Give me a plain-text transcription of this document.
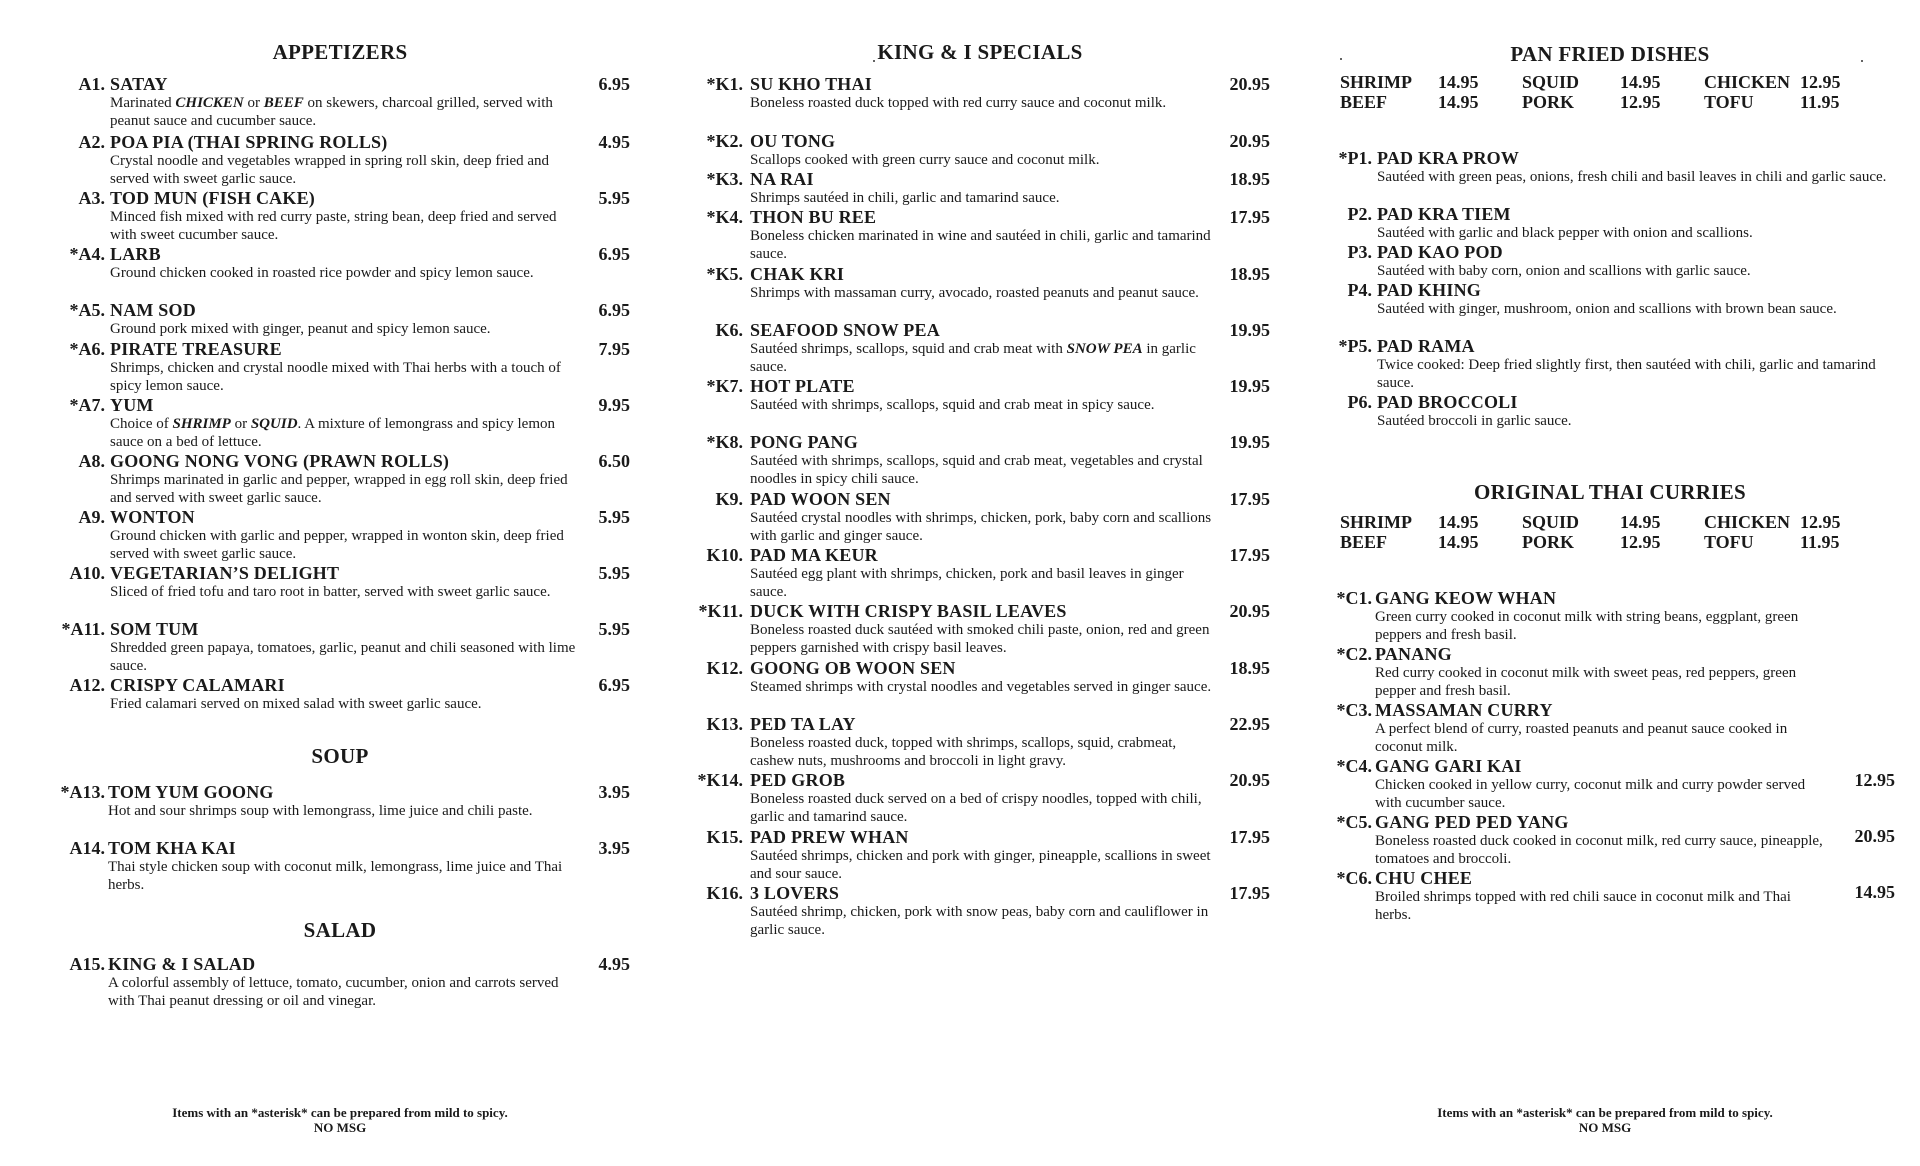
APPETIZERS
A1. SATAY
Marinated CHICKEN or BEEF on skewers, charcoal grilled, served with peanut sauce and cucumber sauce.
6.95
A2. POA PIA (THAI SPRING ROLLS)
Crystal noodle and vegetables wrapped in spring roll skin, deep fried and served with sweet garlic sauce.
4.95
A3. TOD MUN (FISH CAKE)
Minced fish mixed with red curry paste, string bean, deep fried and served with sweet cucumber sauce.
5.95
*A4. LARB
Ground chicken cooked in roasted rice powder and spicy lemon sauce.
6.95
*A5. NAM SOD
Ground pork mixed with ginger, peanut and spicy lemon sauce.
6.95
*A6. PIRATE TREASURE
Shrimps, chicken and crystal noodle mixed with Thai herbs with a touch of spicy lemon sauce.
7.95
*A7. YUM
Choice of SHRIMP or SQUID. A mixture of lemongrass and spicy lemon sauce on a bed of lettuce.
9.95
A8. GOONG NONG VONG (PRAWN ROLLS)
Shrimps marinated in garlic and pepper, wrapped in egg roll skin, deep fried and served with sweet garlic sauce.
6.50
A9. WONTON
Ground chicken with garlic and pepper, wrapped in wonton skin, deep fried served with sweet garlic sauce.
5.95
A10. VEGETARIAN’S DELIGHT
Sliced of fried tofu and taro root in batter, served with sweet garlic sauce.
5.95
*A11. SOM TUM
Shredded green papaya, tomatoes, garlic, peanut and chili seasoned with lime sauce.
5.95
A12. CRISPY CALAMARI
Fried calamari served on mixed salad with sweet garlic sauce.
6.95
SOUP
*A13. TOM YUM GOONG
Hot and sour shrimps soup with lemongrass, lime juice and chili paste.
3.95
A14. TOM KHA KAI
Thai style chicken soup with coconut milk, lemongrass, lime juice and Thai herbs.
3.95
SALAD
A15. KING & I SALAD
A colorful assembly of lettuce, tomato, cucumber, onion and carrots served with Thai peanut dressing or oil and vinegar.
4.95
Items with an *asterisk* can be prepared from mild to spicy.
NO MSG
KING & I SPECIALS
*K1. SU KHO THAI
Boneless roasted duck topped with red curry sauce and coconut milk.
20.95
*K2. OU TONG
Scallops cooked with green curry sauce and coconut milk.
20.95
*K3. NA RAI
Shrimps sautéed in chili, garlic and tamarind sauce.
18.95
*K4. THON BU REE
Boneless chicken marinated in wine and sautéed in chili, garlic and tamarind sauce.
17.95
*K5. CHAK KRI
Shrimps with massaman curry, avocado, roasted peanuts and peanut sauce.
18.95
K6. SEAFOOD SNOW PEA
Sautéed shrimps, scallops, squid and crab meat with SNOW PEA in garlic sauce.
19.95
*K7. HOT PLATE
Sautéed with shrimps, scallops, squid and crab meat in spicy sauce.
19.95
*K8. PONG PANG
Sautéed with shrimps, scallops, squid and crab meat, vegetables and crystal noodles in spicy chili sauce.
19.95
K9. PAD WOON SEN
Sautéed crystal noodles with shrimps, chicken, pork, baby corn and scallions with garlic and ginger sauce.
17.95
K10. PAD MA KEUR
Sautéed egg plant with shrimps, chicken, pork and basil leaves in ginger sauce.
17.95
*K11. DUCK WITH CRISPY BASIL LEAVES
Boneless roasted duck sautéed with smoked chili paste, onion, red and green peppers garnished with crispy basil leaves.
20.95
K12. GOONG OB WOON SEN
Steamed shrimps with crystal noodles and vegetables served in ginger sauce.
18.95
K13. PED TA LAY
Boneless roasted duck, topped with shrimps, scallops, squid, crabmeat, cashew nuts, mushrooms and broccoli in light gravy.
22.95
*K14. PED GROB
Boneless roasted duck served on a bed of crispy noodles, topped with chili, garlic and tamarind sauce.
20.95
K15. PAD PREW WHAN
Sautéed shrimps, chicken and pork with ginger, pineapple, scallions in sweet and sour sauce.
17.95
K16. 3 LOVERS
Sautéed shrimp, chicken, pork with snow peas, baby corn and cauliflower in garlic sauce.
17.95
PAN FRIED DISHES
SHRIMP 14.95 SQUID 14.95 CHICKEN 12.95
BEEF	14.95 PORK	12.95 TOFU	11.95
*P1. PAD KRA PROW
Sautéed with green peas, onions, fresh chili and basil leaves in chili and garlic sauce.
P2. PAD KRA TIEM
Sautéed with garlic and black pepper with onion and scallions.
P3. PAD KAO POD
Sautéed with baby corn, onion and scallions with garlic sauce.
P4. PAD KHING
Sautéed with ginger, mushroom, onion and scallions with brown bean sauce.
*P5. PAD RAMA
Twice cooked: Deep fried slightly first, then sautéed with chili, garlic and tamarind sauce.
P6. PAD BROCCOLI
Sautéed broccoli in garlic sauce.
ORIGINAL THAI CURRIES
SHRIMP 14.95 SQUID 14.95 CHICKEN 12.95
BEEF	14.95 PORK	12.95 TOFU	11.95
*C1. GANG KEOW WHAN
Green curry cooked in coconut milk with string beans, eggplant, green peppers and fresh basil.
*C2. PANANG
Red curry cooked in coconut milk with sweet peas, red peppers, green pepper and fresh basil.
*C3. MASSAMAN CURRY
A perfect blend of curry, roasted peanuts and peanut sauce cooked in coconut milk.
*C4. GANG GARI KAI
Chicken cooked in yellow curry, coconut milk and curry powder served with cucumber sauce.
12.95
*C5. GANG PED PED YANG
Boneless roasted duck cooked in coconut milk, red curry sauce, pineapple, tomatoes and broccoli.
20.95
*C6. CHU CHEE
Broiled shrimps topped with red chili sauce in coconut milk and Thai herbs.
14.95
Items with an *asterisk* can be prepared from mild to spicy.
NO MSG
